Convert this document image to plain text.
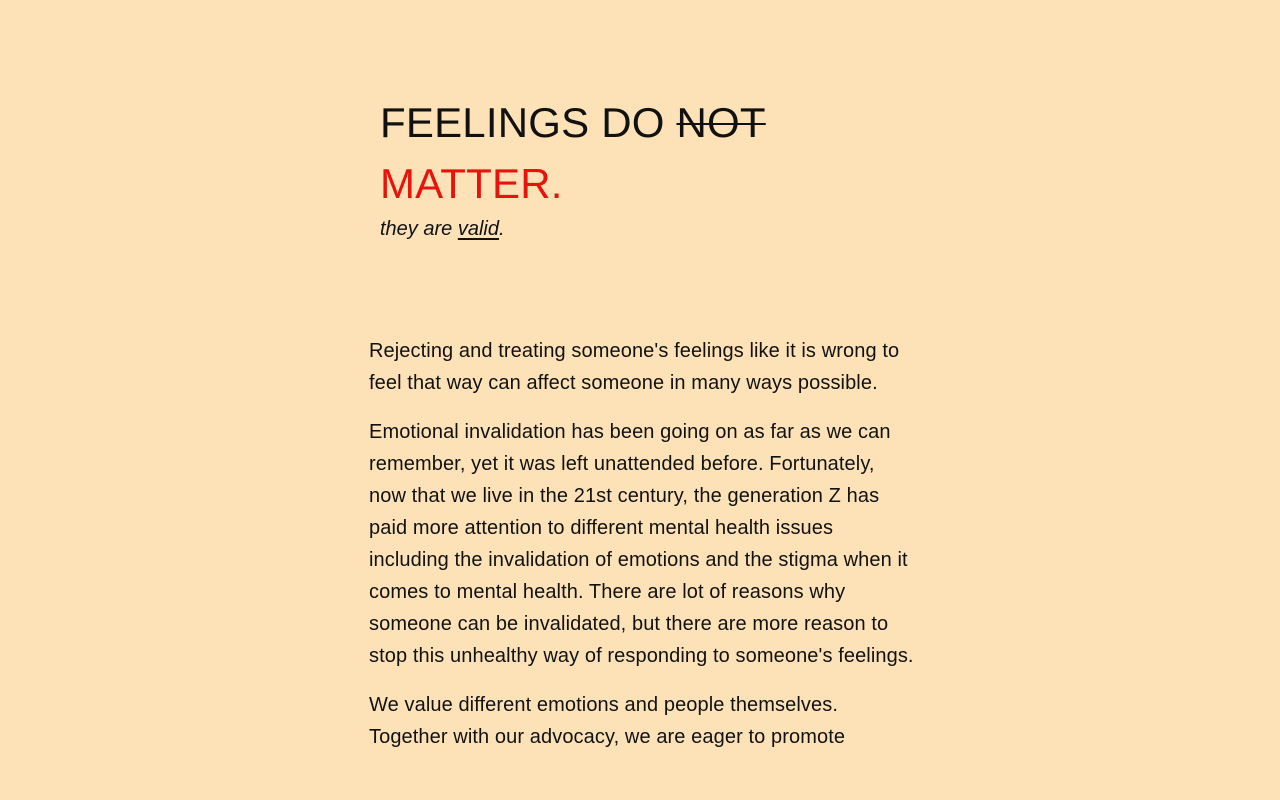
FEELINGS DO NOT
MATTER.

they are valid.

Rejecting and treating someone's feelings like it is wrong to feel that way can affect someone in many ways possible.

Emotional invalidation has been going on as far as we can remember, yet it was left unattended before. Fortunately, now that we live in the 21st century, the generation Z has paid more attention to different mental health issues including the invalidation of emotions and the stigma when it comes to mental health. There are lot of reasons why someone can be invalidated, but there are more reason to stop this unhealthy way of responding to someone's feelings.

We value different emotions and people themselves. Together with our advocacy, we are eager to promote
